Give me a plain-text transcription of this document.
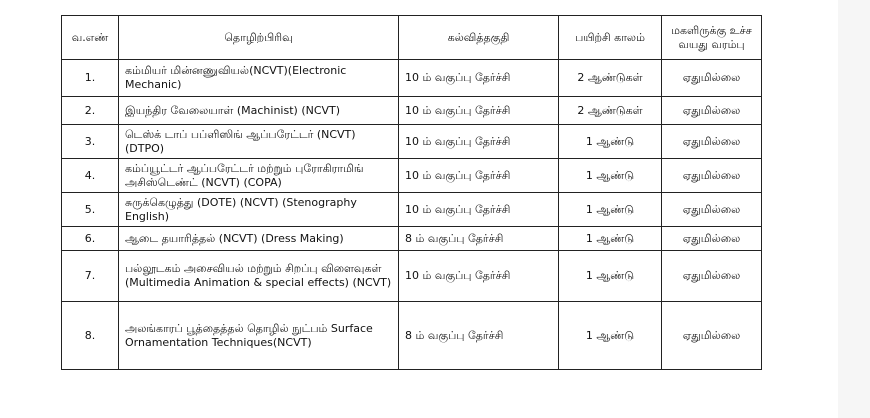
வ.எண்	தொழிற்பிரிவு	கல்வித்தகுதி	பயிற்சி காலம்	மகளிருக்கு உச்ச வயது வரம்பு
1.	கம்மியர் மின்னணுவியல்(NCVT)(Electronic Mechanic)	10 ம் வகுப்பு தேர்ச்சி	2 ஆண்டுகள்	ஏதுமில்லை
2.	இயந்திர வேலையாள் (Machinist) (NCVT)	10 ம் வகுப்பு தேர்ச்சி	2 ஆண்டுகள்	ஏதுமில்லை
3.	டெஸ்க் டாப் பப்ளிஸிங் ஆப்பரேட்டர் (NCVT) (DTPO)	10 ம் வகுப்பு தேர்ச்சி	1 ஆண்டு	ஏதுமில்லை
4.	கம்ப்யூட்டர் ஆப்பரேட்டர் மற்றும் புரோகிராமிங் அசிஸ்டெண்ட் (NCVT) (COPA)	10 ம் வகுப்பு தேர்ச்சி	1 ஆண்டு	ஏதுமில்லை
5.	சுருக்கெழுத்து (DOTE) (NCVT) (Stenography English)	10 ம் வகுப்பு தேர்ச்சி	1 ஆண்டு	ஏதுமில்லை
6.	ஆடை தயாரித்தல் (NCVT) (Dress Making)	8 ம் வகுப்பு தேர்ச்சி	1 ஆண்டு	ஏதுமில்லை
7.	பல்லூடகம் அசைவியல் மற்றும் சிறப்பு விளைவுகள் (Multimedia Animation & special effects) (NCVT)	10 ம் வகுப்பு தேர்ச்சி	1 ஆண்டு	ஏதுமில்லை
8.	அலங்காரப் பூத்தைத்தல் தொழில் நுட்பம் Surface Ornamentation Techniques(NCVT)	8 ம் வகுப்பு தேர்ச்சி	1 ஆண்டு	ஏதுமில்லை
